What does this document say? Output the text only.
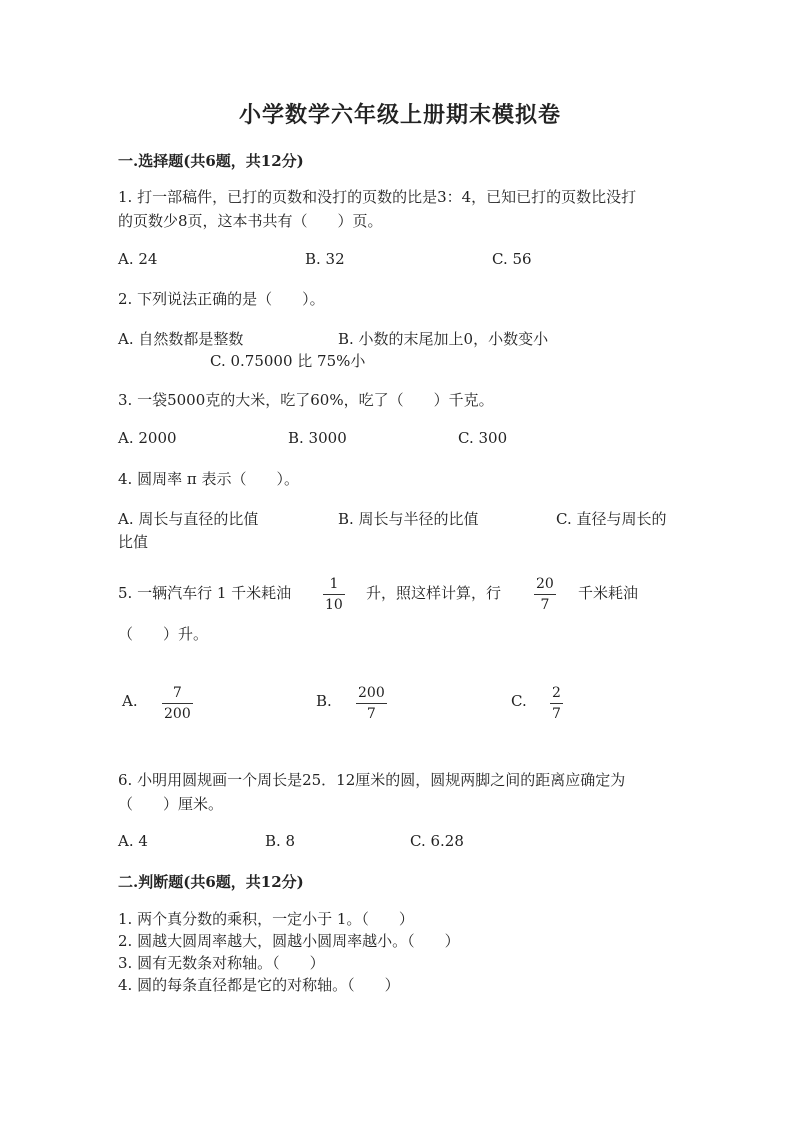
小学数学六年级上册期末模拟卷
一.选择题(共6题，共12分)
1. 打一部稿件，已打的页数和没打的页数的比是3：4，已知已打的页数比没打
的页数少8页，这本书共有（　　）页。
A. 24	B. 32	C. 56
2. 下列说法正确的是（　　）。
A. 自然数都是整数	B. 小数的末尾加上0，小数变小
C. 0.75000 比 75%小
3. 一袋5000克的大米，吃了60%，吃了（　　）千克。
A. 2000	B. 3000	C. 300
4. 圆周率 π 表示（　　）。
A. 周长与直径的比值	B. 周长与半径的比值	C. 直径与周长的
比值
5. 一辆汽车行 1 千米耗油	1
10
升，照这样计算，行 20
7
千米耗油
（　　）升。
A.	7
200
B. 200
7
C. 2
7
6. 小明用圆规画一个周长是25．12厘米的圆，圆规两脚之间的距离应确定为
（　　）厘米。
A. 4	B. 8	C. 6.28
二.判断题(共6题，共12分)
1. 两个真分数的乘积，一定小于 1。（　　）
2. 圆越大圆周率越大，圆越小圆周率越小。（　　）
3. 圆有无数条对称轴。（　　）
4. 圆的每条直径都是它的对称轴。（　　）
